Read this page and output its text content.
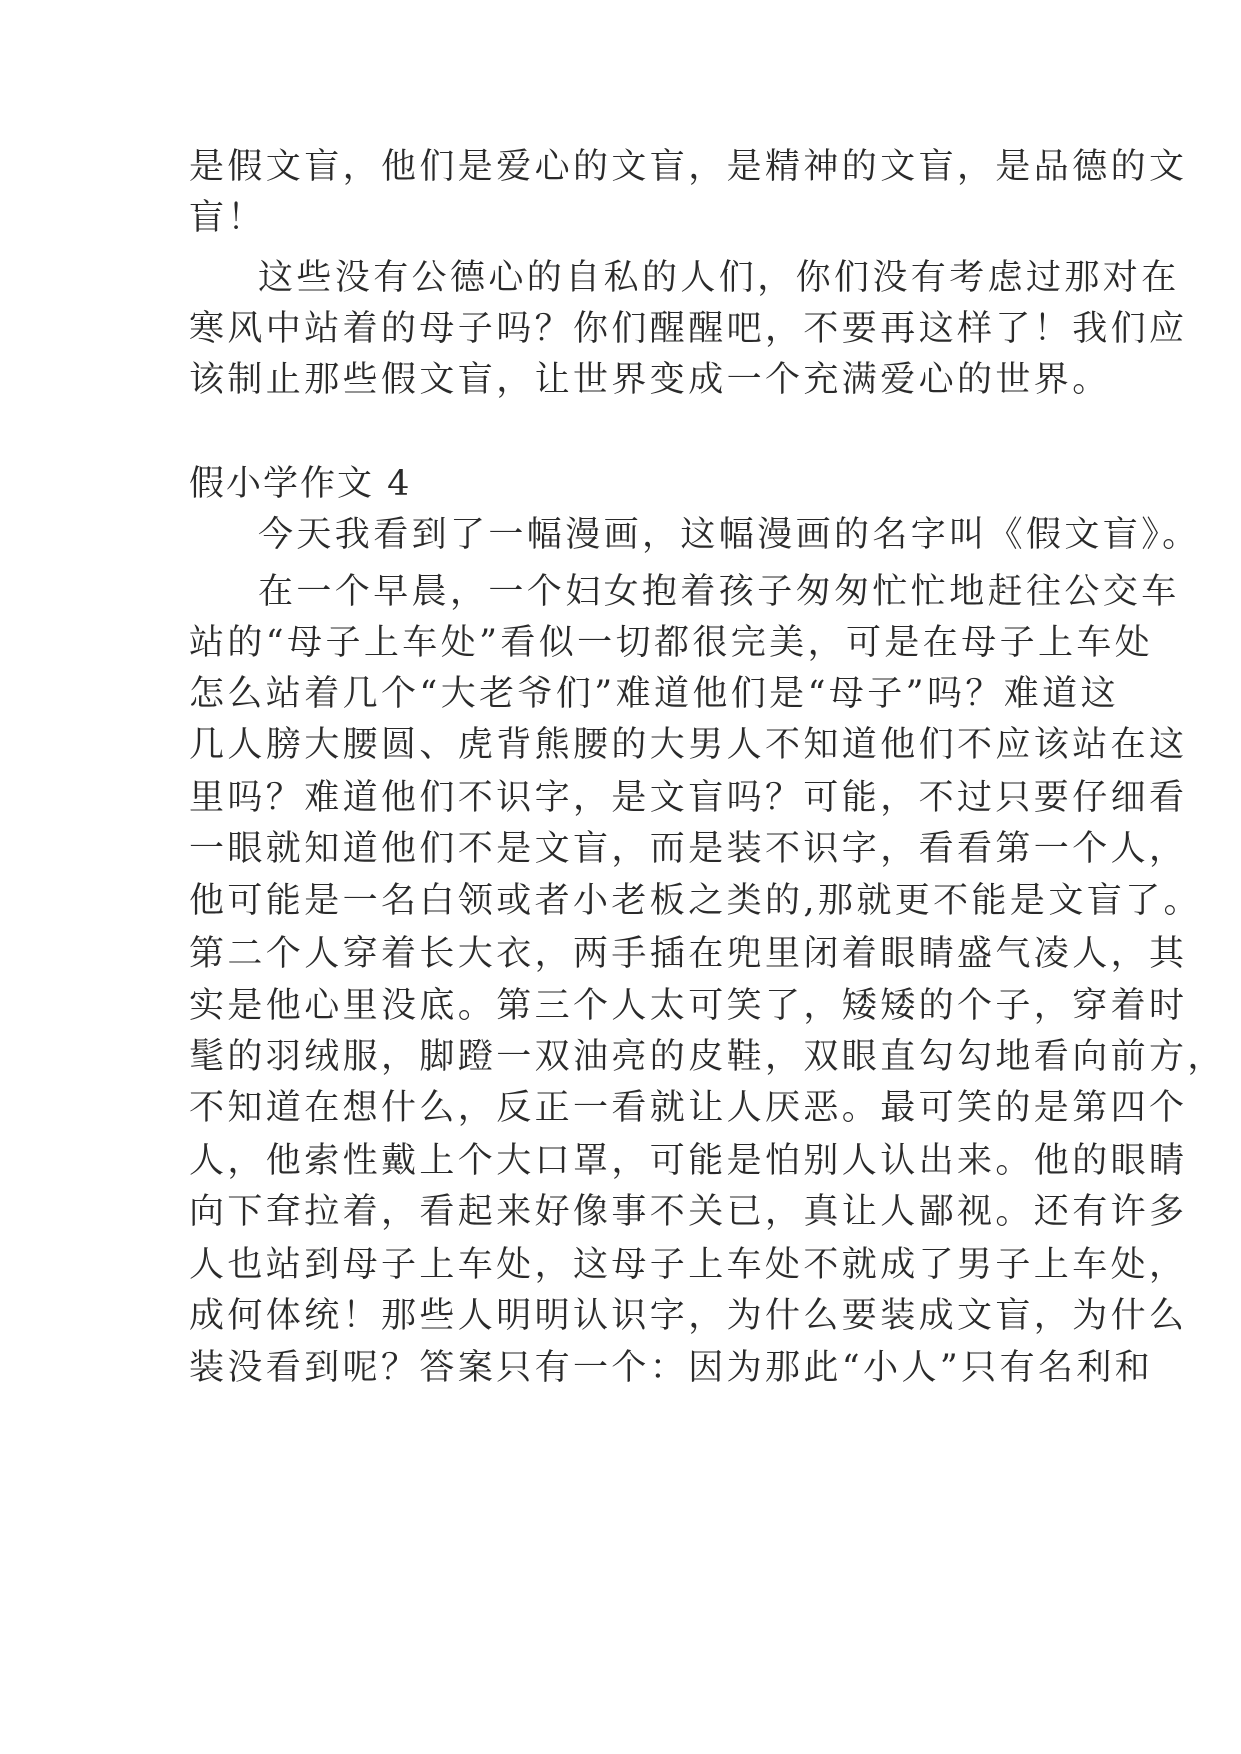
是假文盲，他们是爱心的文盲，是精神的文盲，是品德的文
盲！
这些没有公德心的自私的人们，你们没有考虑过那对在
寒风中站着的母子吗？你们醒醒吧，不要再这样了！我们应
该制止那些假文盲，让世界变成一个充满爱心的世界。
假小学作文 4
今天我看到了一幅漫画，这幅漫画的名字叫《假文盲》。
在一个早晨，一个妇女抱着孩子匆匆忙忙地赶往公交车
站的“母子上车处”看似一切都很完美，可是在母子上车处
怎么站着几个“大老爷们”难道他们是“母子”吗？难道这
几人膀大腰圆、虎背熊腰的大男人不知道他们不应该站在这
里吗？难道他们不识字，是文盲吗？可能，不过只要仔细看
一眼就知道他们不是文盲，而是装不识字，看看第一个人，
他可能是一名白领或者小老板之类的,那就更不能是文盲了。
第二个人穿着长大衣，两手插在兜里闭着眼睛盛气凌人，其
实是他心里没底。第三个人太可笑了，矮矮的个子，穿着时
髦的羽绒服，脚蹬一双油亮的皮鞋，双眼直勾勾地看向前方，
不知道在想什么，反正一看就让人厌恶。最可笑的是第四个
人，他索性戴上个大口罩，可能是怕别人认出来。他的眼睛
向下耷拉着，看起来好像事不关已，真让人鄙视。还有许多
人也站到母子上车处，这母子上车处不就成了男子上车处，
成何体统！那些人明明认识字，为什么要装成文盲，为什么
装没看到呢？答案只有一个：因为那此“小人”只有名利和
